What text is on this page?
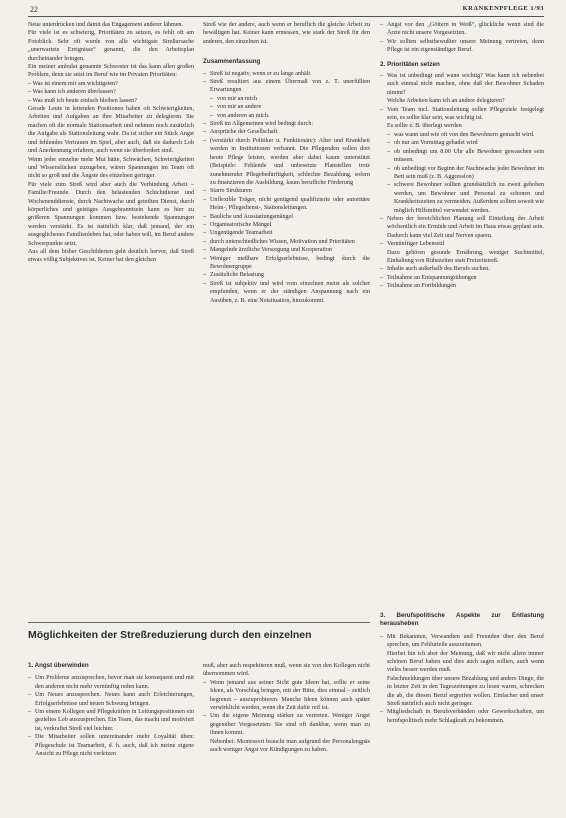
22	KRANKENPFLEGE 1/93

Neue unterdrücken und damit das Engagement anderer lähmen.

Für viele ist es schwierig, Prioritäten zu setzen, es fehlt oft am Fotoblick. Sehr oft wurde von alle wichtigste Streßursache „unerwartete Ereignisse“ genannt, die den Arbeitsplan durcheinander bringen.

Ein meiner ambulat genannte Schwester ist das kann allen großen Problem, denn sie setzt im Beruf wie im Privaten Prioritäten:

– Was ist einem mir am wichtigsten?

– Was kann ich anderen überlassen?

– Was muß ich heute einfach bleiben lassen?

Gerade Leute in leitenden Positionen haben oft Schwierigkeiten, Arbeiten und Aufgaben an ihre Mitarbeiter zu delegieren. Sie machen oft die normale Stationsarbeit und nehmen noch zusätzlich die Aufgabe als Stationsleitung wahr. Da ist sicher ein Stück Angst und fehlendes Vertrauen im Spiel, aber auch, daß sie dadurch Lob und Anerkennung erfahren, auch wenn sie überfordert sind.

Wenn jeder einzelne mehr Mut hätte, Schwächen, Schwierigkeiten und Wissenslücken zuzugeben, wären Spannungen im Team oft nicht so groß und die Ängste des einzelnen geringer.

Für viele zum Streß wird aber auch die Verbindung Arbeit – Familie/Freunde. Durch den belastenden Schichtdienst und Wochenenddienste, durch Nachtwache und geteilten Dienst, durch körperliches und geistiges Ausgebranntsein kann es hier zu größeren Spannungen kommen bzw. bestehende Spannungen werden verstärkt. Es ist natürlich klar, daß jemand, der ein ausgeglichenes Familienleben hat, oder haben will, im Beruf andere Schwerpunkte setzt.

Aus all dem bisher Geschilderten geht deutlich hervor, daß Streß etwas völlig Subjektives ist. Keiner hat den gleichen

Streß wie der andere, auch wenn er beruflich die gleiche Arbeit zu bewältigen hat. Keiner kann ermessen, wie stark der Streß für den anderen, den einzelnen ist.

Zusammenfassung
– Streß ist negativ, wenn er zu lange anhält.
– Streß resultiert aus einem Übermaß von z. T. unerfüllten Erwartungen
– von mir an mich
– von mir an andere
– von anderen an mich.
– Streß im Allgemeinen wird bedingt durch:
– Ansprüche der Gesellschaft
– (verstärkt durch Politiker u. Funktionäre): Alter und Krankheit werden in Institutionen verbannt. Die Pflegenden sollen dort heute Pflege leisten, werden aber dabei kaum unterstützt (Beispiele: Fehlende und unbesetzte Planstellen trotz zunehmender Pflegebedürftigkeit, schlechte Bezahlung, sofern zu finanzieren die Ausbildung, kaum berufliche Förderung
– Starre Strukturen
– Unflexible Träger, nicht genügend qualifizierte oder autoritäre Heim-, Pflegedienst-, Stationsleitungen.
– Bauliche und Ausstattungsmängel
– Organisatorische Mängel
– Ungenügende Teamarbeit
– durch unterschiedliches Wissen, Motivation und Prioritäten
– Mangelnde ärztliche Versorgung und Kooperation
– Weniger meßbare Erfolgserlebnisse, bedingt durch die Bewohnergruppe
– Zusätzliche Belastung
– Streß ist subjektiv und wird vom einzelnen meist als solcher empfunden, wenn er der ständigen Anspannung nach ein Ausüben, z. B. eine Notsituation, hinzukommt.
– Angst vor den „Göttern in Weiß“, glückliche wenn sind die Ärzte nicht unsere Vorgesetzten.
– Wir sollten selbstbewußter unsere Meinung vertreten, denn Pflege ist ein eigenständiger Beruf.
2. Prioritäten setzen
– Was ist unbedingt und wann wichtig? Was kann ich nebenbei auch einmal nicht machen, ohne daß der Bewohner Schaden nimmt?
Welche Arbeiten kann ich an andere delegieren?
– Vom Team incl. Stationsleitung sollen Pflegeziele festgelegt sein, es sollte klar sein, was wichtig ist.
Es sollte z. B. überlegt werden
– was wann und wie oft von den Bewohnern gemacht wird.
– ob nur am Vormittag gebadet wird
– ob unbedingt um 8.00 Uhr alle Bewohner gewaschen sein müssen.
– ob unbedingt vor Beginn der Nachtwache jeder Bewohner im Bett sein muß (z. B. Aggression)
– schwere Bewohner sollten grundsätzlich zu zweit gehoben werden, um Bewohner und Personal zu schonen und Krankheitszeiten zu vermeiden. Außerdem sollten soweit wie möglich Hilfsmittel verwendet werden.
– Neben der bereichlichen Planung soll Einteilung der Arbeit wöchentlich ein Ermüde und Arbeit im Haus etwas geplant sein. Dadurch kann viel Zeit und Nerven sparen.
– Vernünftiger Lebensstil
Dazu gehören gesunde Ernährung, weniger Suchtmittel, Einhaltung von Ruhezeiten statt Freizeitstreß.
– Inhalte auch außerhalb des Berufs suchen.
– Teilnahme an Entspannungsübungen
– Teilnahme an Fortbildungen
Möglichkeiten der Streßreduzierung durch den einzelnen
1. Angst überwinden
– Um Probleme anzusprechen, bevor man sie konsequent und mit den anderen nicht mehr vernünftig reden kann.
– Um Neues anzusprechen. Neues kann auch Erleichterungen, Erfolgserlebnisse und neuen Schwung bringen.
– Um einem Kollegen und Pflegekräften in Leitungspositionen ein gezieltes Lob auszusprechen. Ein Team, das macht und motiviert ist, verkraftet Streß viel leichter.
– Die Mitarbeiter sollen untereinander mehr Loyalität üben: Pflegeschule ist Teamarbeit, d. h. auch, daß ich meine eigene Ansicht zu Pflege nicht verletzen

muß, aber auch respektieren muß, wenn sie von den Kollegen nicht übernommen wird.

– Wenn jemand aus seiner Sicht gute Ideen hat, sollte er seine Ideen, als Vorschlag bringen, mit der Bitte, dies einmal – zeitlich begrenzt – auszuprobieren. Manche Ideen können auch später verwirklicht werden, wenn die Zeit dafür reif ist.
– Um die eigene Meinung stärker zu vertreten. Weniger Angst gegenüber Vorgesetzten. Sie sind oft dankbar, wenn man zu ihnen kommt.
Nebenbei: Montessori braucht man aufgrund der Personalengpäs auch weniger Angst vor Kündigungen zu haben.
3. Berufspolitische Aspekte zur Entlastung herausheben
– Mit Bekannten, Verwandten und Freunden über den Beruf sprechen, um Fehlurteile auszuräumen.
Hierbei bin ich aber der Meinung, daß wir nicht allein immer schönen Beruf haben und dies auch sagen sollten, auch wenn vieles besser werden muß.
Falschmeldungen über unsere Bezahlung und andere Dinge, die in letzter Zeit in den Tageszeitungen zu lesen waren, schrecken die ab, die diesen Beruf ergreifen wollen. Einfacher und unser Streß natürlich auch nicht geringer.
– Mitgliedschaft in Berufsverbänden oder Gewerkschaften, um berufspolitisch mehr Schlagkraft zu bekommen.
